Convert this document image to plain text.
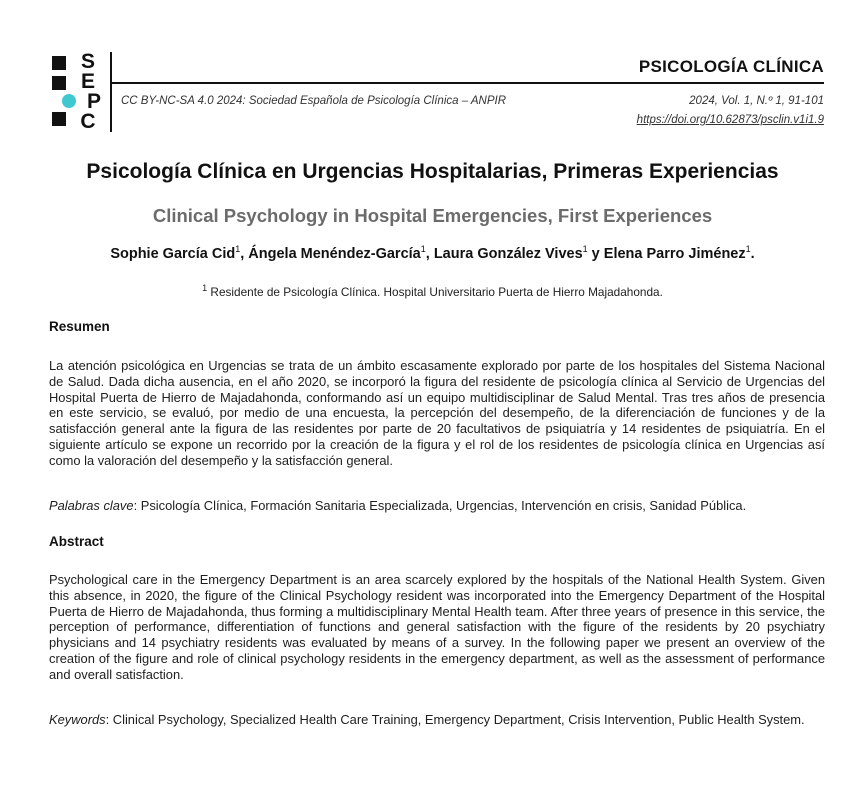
S
E
P
C
PSICOLOGÍA CLÍNICA
CC BY-NC-SA 4.0 2024: Sociedad Española de Psicología Clínica – ANPIR	2024, Vol. 1, N.º 1, 91-101
https://doi.org/10.62873/psclin.v1i1.9
Psicología Clínica en Urgencias Hospitalarias, Primeras Experiencias
Clinical Psychology in Hospital Emergencies, First Experiences
Sophie García Cid$^1$, Ángela Menéndez-García$^1$, Laura González Vives$^1$ y Elena Parro Jiménez$^1$.
$^1$ Residente de Psicología Clínica. Hospital Universitario Puerta de Hierro Majadahonda.
Resumen

La atención psicológica en Urgencias se trata de un ámbito escasamente explorado por parte de los hospitales del Sistema Nacional de Salud. Dada dicha ausencia, en el año 2020, se incorporó la figura del residente de psicología clínica al Servicio de Urgencias del Hospital Puerta de Hierro de Majadahonda, conformando así un equipo multidisciplinar de Salud Mental. Tras tres años de presencia en este servicio, se evaluó, por medio de una encuesta, la percepción del desempeño, de la diferenciación de funciones y de la satisfacción general ante la figura de las residentes por parte de 20 facultativos de psiquiatría y 14 residentes de psiquiatría. En el siguiente artículo se expone un recorrido por la creación de la figura y el rol de los residentes de psicología clínica en Urgencias así como la valoración del desempeño y la satisfacción general.

Palabras clave: Psicología Clínica, Formación Sanitaria Especializada, Urgencias, Intervención en crisis, Sanidad Pública.

Abstract

Psychological care in the Emergency Department is an area scarcely explored by the hospitals of the National Health System. Given this absence, in 2020, the figure of the Clinical Psychology resident was incorporated into the Emergency Department of the Hospital Puerta de Hierro de Majadahonda, thus forming a multidisciplinary Mental Health team. After three years of presence in this service, the perception of performance, differentiation of functions and general satisfaction with the figure of the residents by 20 psychiatry physicians and 14 psychiatry residents was evaluated by means of a survey. In the following paper we present an overview of the creation of the figure and role of clinical psychology residents in the emergency department, as well as the assessment of performance and overall satisfaction.

Keywords: Clinical Psychology, Specialized Health Care Training, Emergency Department, Crisis Intervention, Public Health System.
